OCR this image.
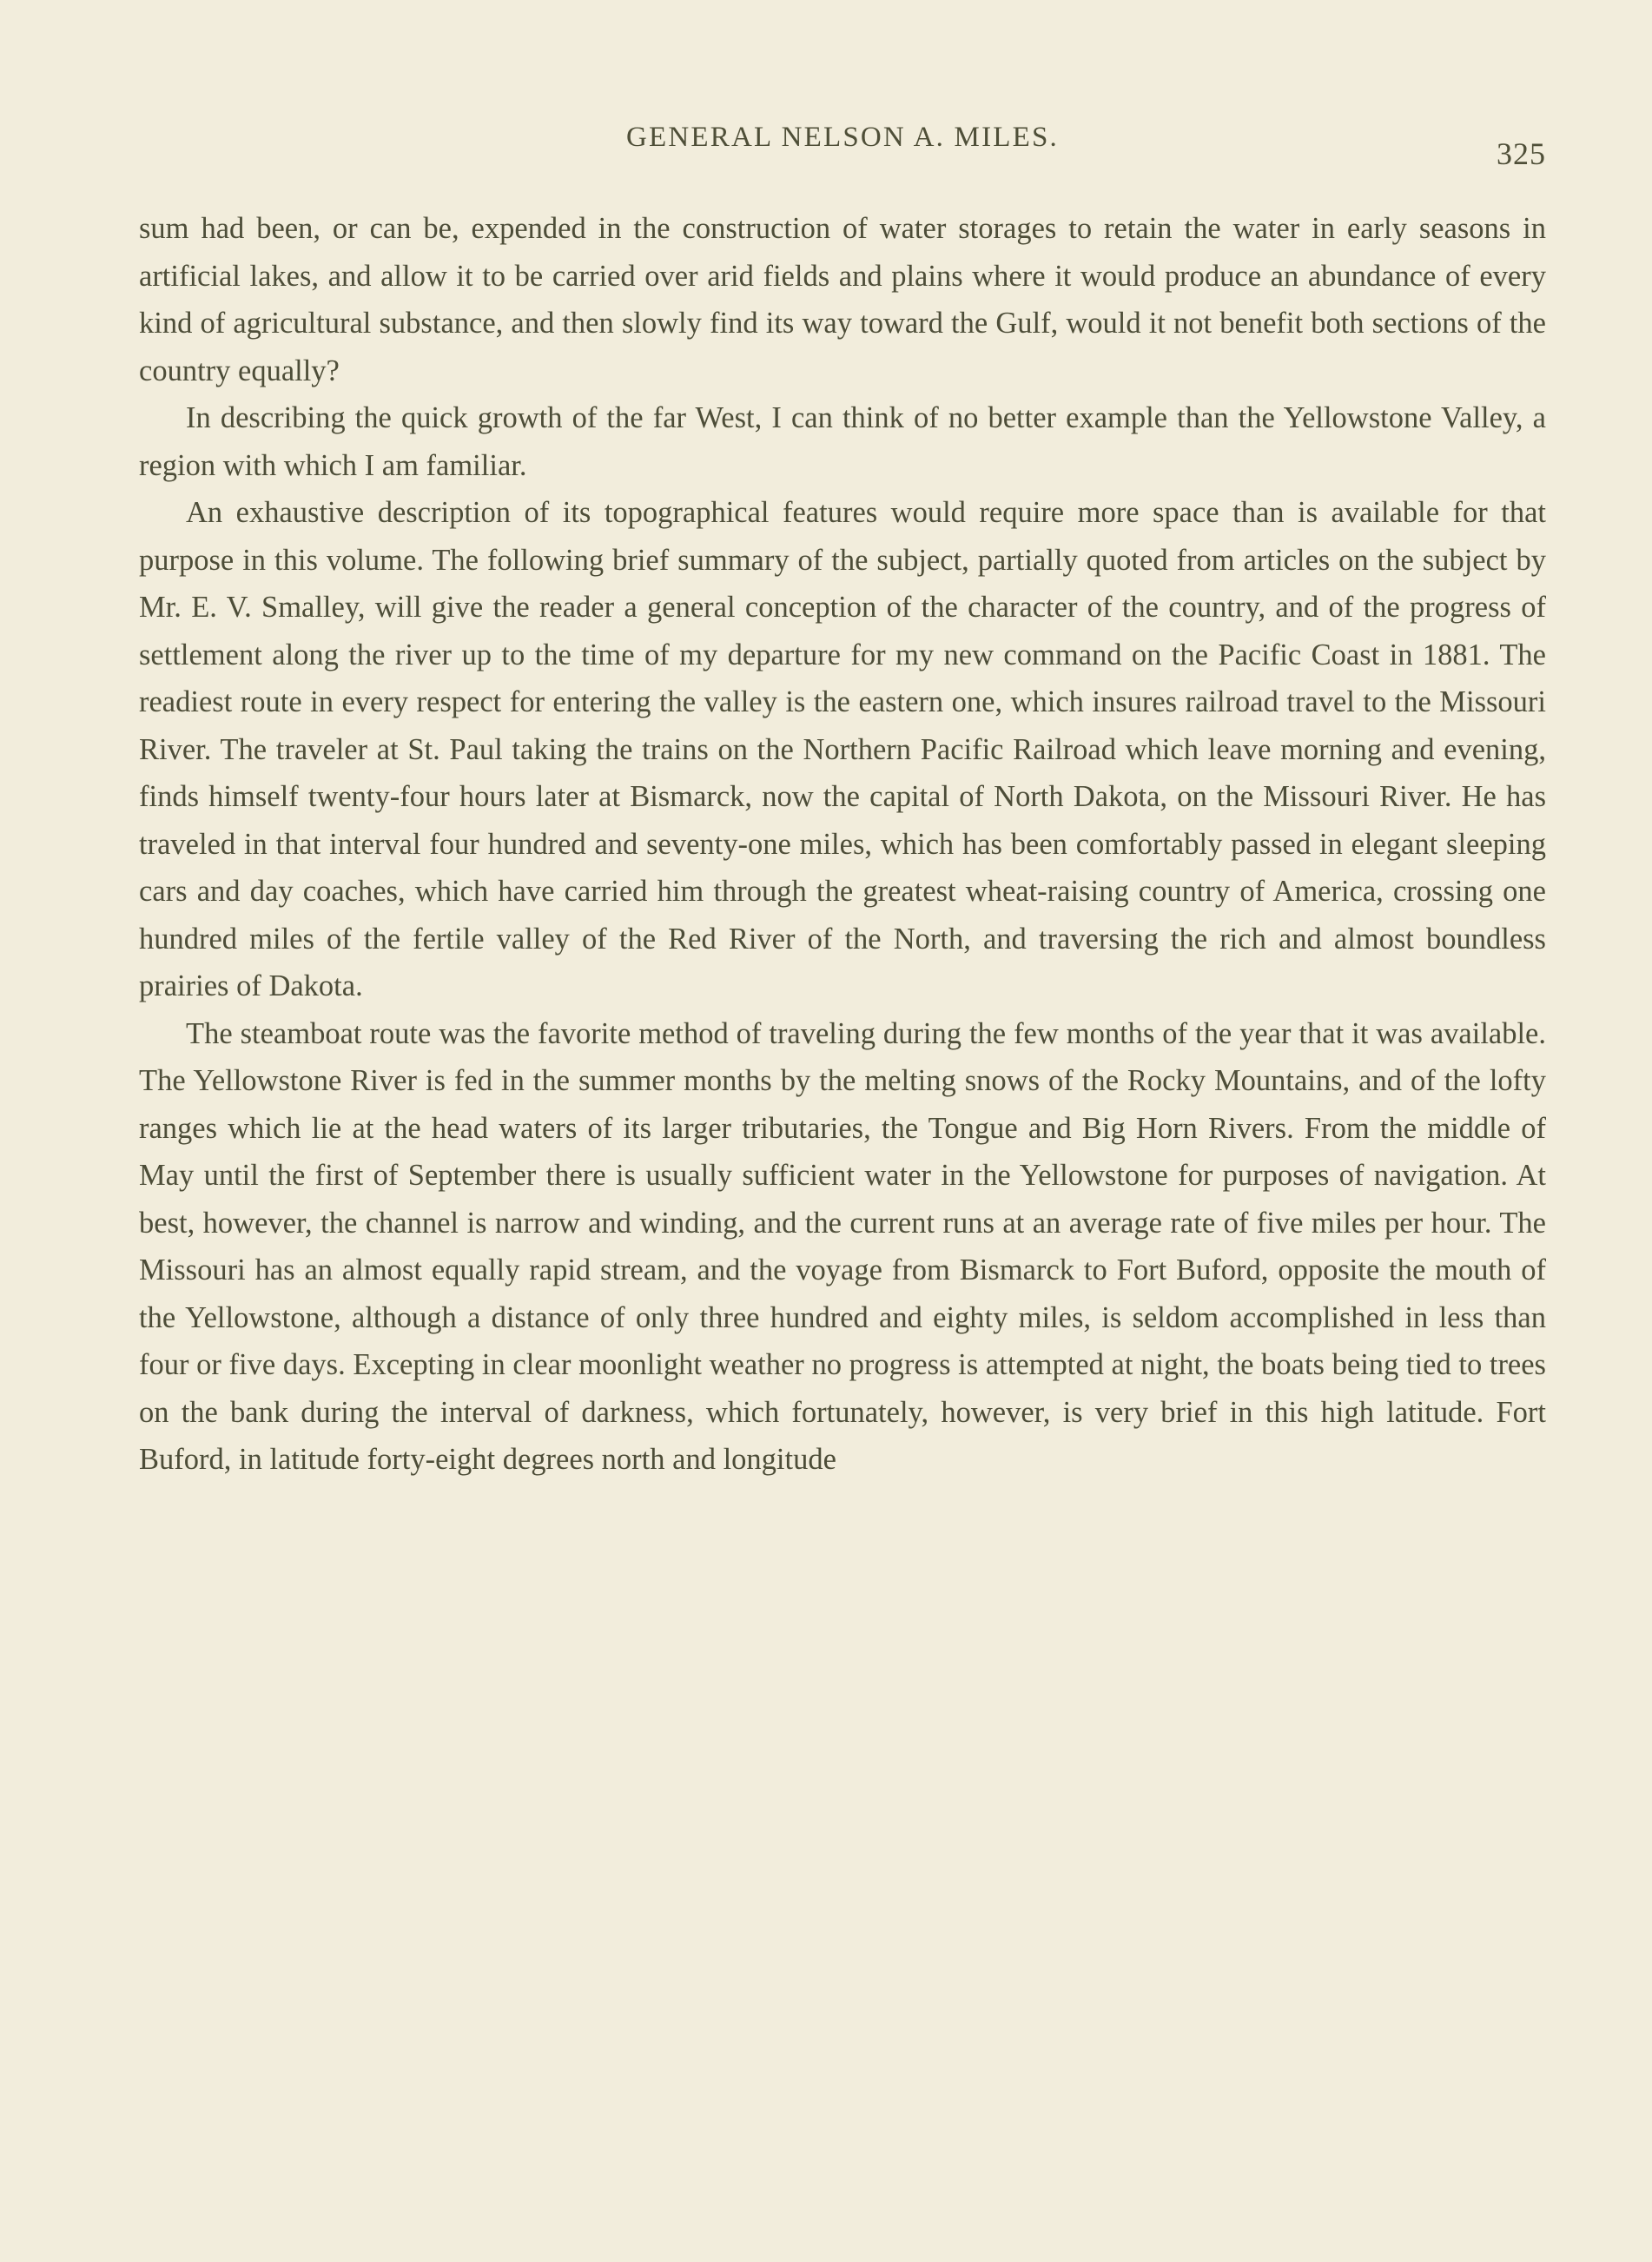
GENERAL NELSON A. MILES.	325

sum had been, or can be, expended in the construction of water storages to retain the water in early seasons in artificial lakes, and allow it to be carried over arid fields and plains where it would produce an abundance of every kind of agricultural substance, and then slowly find its way toward the Gulf, would it not benefit both sections of the country equally?

In describing the quick growth of the far West, I can think of no better example than the Yellowstone Valley, a region with which I am familiar.

An exhaustive description of its topographical features would require more space than is available for that purpose in this volume. The following brief summary of the subject, partially quoted from articles on the subject by Mr. E. V. Smalley, will give the reader a general conception of the character of the country, and of the progress of settlement along the river up to the time of my departure for my new command on the Pacific Coast in 1881. The readiest route in every respect for entering the valley is the eastern one, which insures railroad travel to the Missouri River. The traveler at St. Paul taking the trains on the Northern Pacific Railroad which leave morning and evening, finds himself twenty-four hours later at Bismarck, now the capital of North Dakota, on the Missouri River. He has traveled in that interval four hundred and seventy-one miles, which has been comfortably passed in elegant sleeping cars and day coaches, which have carried him through the greatest wheat-raising country of America, crossing one hundred miles of the fertile valley of the Red River of the North, and traversing the rich and almost boundless prairies of Dakota.

The steamboat route was the favorite method of traveling during the few months of the year that it was available. The Yellowstone River is fed in the summer months by the melting snows of the Rocky Mountains, and of the lofty ranges which lie at the head waters of its larger tributaries, the Tongue and Big Horn Rivers. From the middle of May until the first of September there is usually sufficient water in the Yellowstone for purposes of navigation. At best, however, the channel is narrow and winding, and the current runs at an average rate of five miles per hour. The Missouri has an almost equally rapid stream, and the voyage from Bismarck to Fort Buford, opposite the mouth of the Yellowstone, although a distance of only three hundred and eighty miles, is seldom accomplished in less than four or five days. Excepting in clear moonlight weather no progress is attempted at night, the boats being tied to trees on the bank during the interval of darkness, which fortunately, however, is very brief in this high latitude. Fort Buford, in latitude forty-eight degrees north and longitude
